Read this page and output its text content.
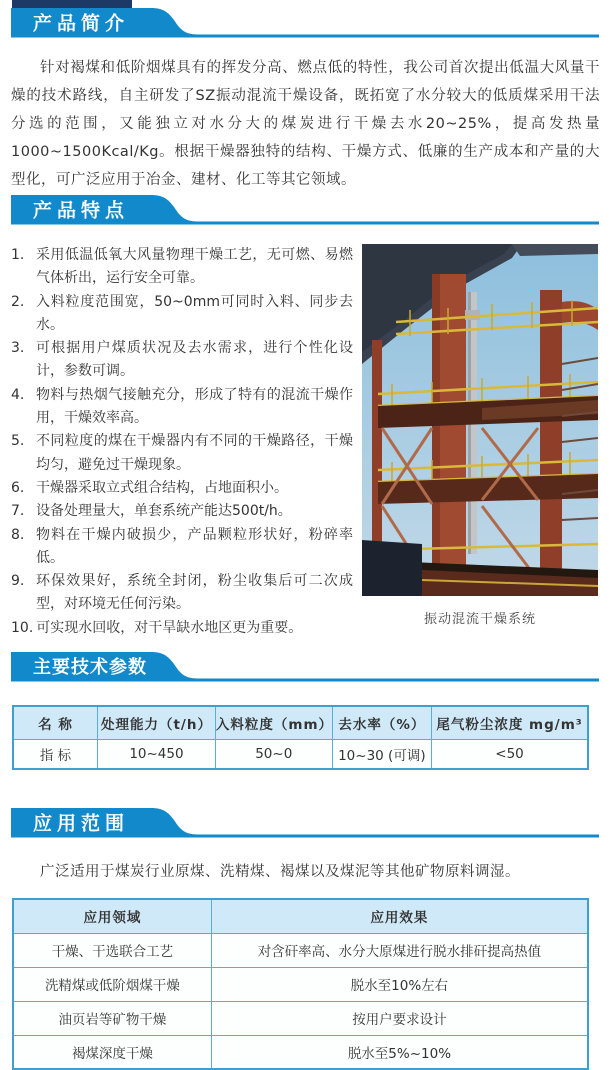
产品简介

针对褐煤和低阶烟煤具有的挥发分高、燃点低的特性，我公司首次提出低温大风量干燥的技术路线，自主研发了SZ振动混流干燥设备，既拓宽了水分较大的低质煤采用干法分选的范围，又能独立对水分大的煤炭进行干燥去水20~25%，提高发热量1000~1500Kcal/Kg。根据干燥器独特的结构、干燥方式、低廉的生产成本和产量的大型化，可广泛应用于冶金、建材、化工等其它领域。

产品特点
1. 采用低温低氧大风量物理干燥工艺，无可燃、易燃气体析出，运行安全可靠。
2. 入料粒度范围宽，50~0mm可同时入料、同步去水。
3. 可根据用户煤质状况及去水需求，进行个性化设计，参数可调。
4. 物料与热烟气接触充分，形成了特有的混流干燥作用，干燥效率高。
5. 不同粒度的煤在干燥器内有不同的干燥路径，干燥均匀，避免过干燥现象。
6. 干燥器采取立式组合结构，占地面积小。
7. 设备处理量大，单套系统产能达500t/h。
8. 物料在干燥内破损少，产品颗粒形状好，粉碎率低。
9. 环保效果好，系统全封闭，粉尘收集后可二次成型，对环境无任何污染。
10. 可实现水回收，对干旱缺水地区更为重要。
振动混流干燥系统
主要技术参数
名 称	处理能力（t/h）	入料粒度（mm）	去水率（%）	尾气粉尘浓度 mg/m³
指 标	10~450	50~0	10~30 (可调)	<50
应用范围

广泛适用于煤炭行业原煤、洗精煤、褐煤以及煤泥等其他矿物原料调湿。

应用领域	应用效果
干燥、干选联合工艺	对含矸率高、水分大原煤进行脱水排矸提高热值
洗精煤或低阶烟煤干燥	脱水至10%左右
油页岩等矿物干燥	按用户要求设计
褐煤深度干燥	脱水至5%~10%
